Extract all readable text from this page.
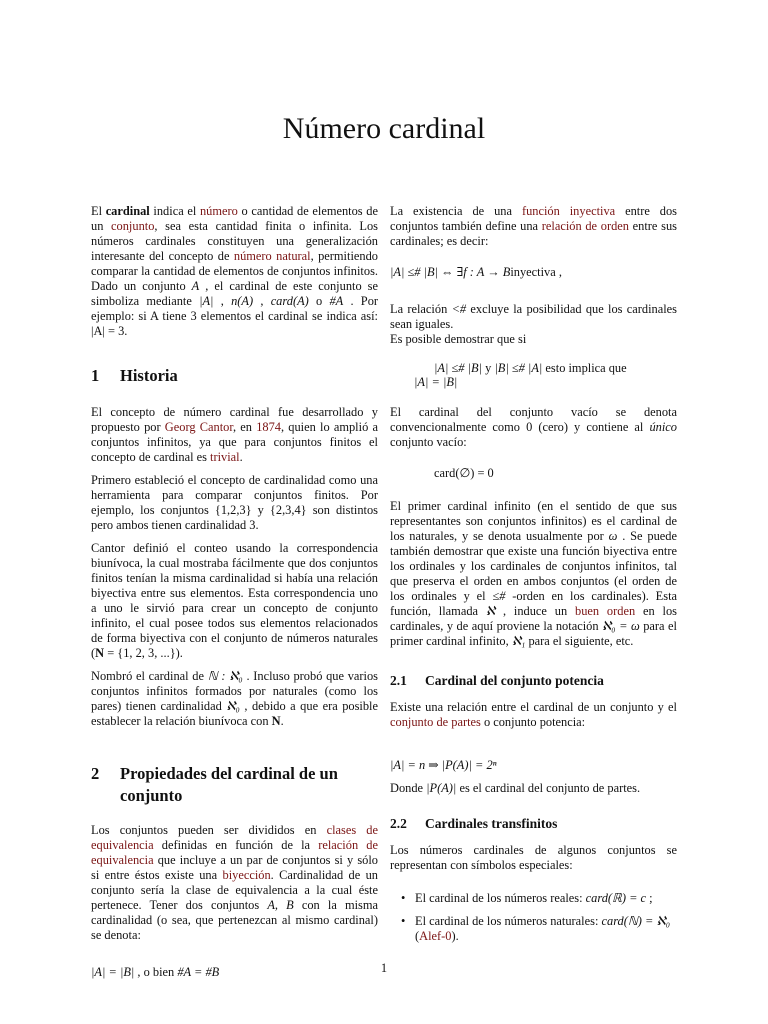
Número cardinal

El cardinal indica el número o cantidad de elementos de un conjunto, sea esta cantidad finita o infinita. Los números cardinales constituyen una generalización interesante del concepto de número natural, permitiendo comparar la cantidad de elementos de conjuntos infinitos. Dado un conjunto A , el cardinal de este conjunto se simboliza mediante |A| , n(A) , card(A) o #A . Por ejemplo: si A tiene 3 elementos el cardinal se indica así: |A| = 3.

1	Historia

El concepto de número cardinal fue desarrollado y propuesto por Georg Cantor, en 1874, quien lo amplió a conjuntos infinitos, ya que para conjuntos finitos el concepto de cardinal es trivial.

Primero estableció el concepto de cardinalidad como una herramienta para comparar conjuntos finitos. Por ejemplo, los conjuntos {1,2,3} y {2,3,4} son distintos pero ambos tienen cardinalidad 3.

Cantor definió el conteo usando la correspondencia biunívoca, la cual mostraba fácilmente que dos conjuntos finitos tenían la misma cardinalidad si había una relación biyectiva entre sus elementos. Esta correspondencia uno a uno le sirvió para crear un concepto de conjunto infinito, el cual posee todos sus elementos relacionados de forma biyectiva con el conjunto de números naturales (N = {1, 2, 3, ...}).

Nombró el cardinal de ℕ : ℵ₀ . Incluso probó que varios conjuntos infinitos formados por naturales (como los pares) tienen cardinalidad ℵ₀ , debido a que era posible establecer la relación biunívoca con N.

2	Propiedades del cardinal de un conjunto

Los conjuntos pueden ser divididos en clases de equivalencia definidas en función de la relación de equivalencia que incluye a un par de conjuntos si y sólo si entre éstos existe una biyección. Cardinalidad de un conjunto sería la clase de equivalencia a la cual éste pertenece. Tener dos conjuntos A, B con la misma cardinalidad (o sea, que pertenezcan al mismo cardinal) se denota:

|A| = |B| , o bien #A = #B

La existencia de una función inyectiva entre dos conjuntos también define una relación de orden entre sus cardinales; es decir:

|A| ≤# |B| ⇔ ∃f : A → Binyectiva ,

La relación <# excluye la posibilidad que los cardinales sean iguales.

Es posible demostrar que si

|A| ≤# |B| y |B| ≤# |A| esto implica que
|A| = |B|

El cardinal del conjunto vacío se denota convencionalmente como 0 (cero) y contiene al único conjunto vacío:

card(∅) = 0

El primer cardinal infinito (en el sentido de que sus representantes son conjuntos infinitos) es el cardinal de los naturales, y se denota usualmente por ω . Se puede también demostrar que existe una función biyectiva entre los ordinales y los cardinales de conjuntos infinitos, tal que preserva el orden en ambos conjuntos (el orden de los ordinales y el ≤# -orden en los cardinales). Esta función, llamada ℵ , induce un buen orden en los cardinales, y de aquí proviene la notación ℵ₀ = ω para el primer cardinal infinito, ℵ₁ para el siguiente, etc.

2.1	Cardinal del conjunto potencia

Existe una relación entre el cardinal de un conjunto y el conjunto de partes o conjunto potencia:

|A| = n ⇒ |P(A)| = 2ⁿ

Donde |P(A)| es el cardinal del conjunto de partes.

2.2	Cardinales transfinitos

Los números cardinales de algunos conjuntos se representan con símbolos especiales:

• El cardinal de los números reales: card(ℝ) = c ;
• El cardinal de los números naturales: card(ℕ) = ℵ₀ (Alef-0).
1
